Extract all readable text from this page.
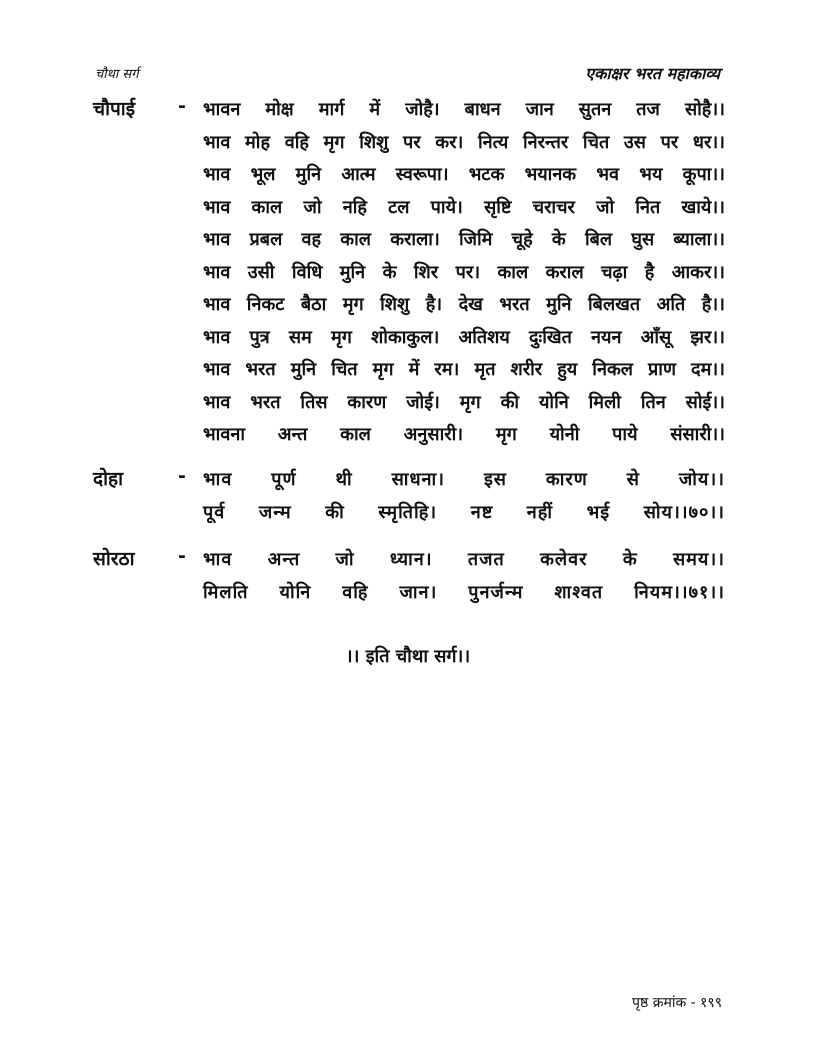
चौथा सर्ग	एकाक्षर भरत महाकाव्य
चौपाई - भावन मोक्ष मार्ग में जोहै। बाधन जान सुतन तज सोहै।।
भाव मोह वहि मृग शिशु पर कर। नित्य निरन्तर चित उस पर धर।।
भाव भूल मुनि आत्म स्वरूपा। भटक भयानक भव भय कूपा।।
भाव काल जो नहि टल पाये। सृष्टि चराचर जो नित खाये।।
भाव प्रबल वह काल कराला। जिमि चूहे के बिल घुस ब्याला।।
भाव उसी विधि मुनि के शिर पर। काल कराल चढ़ा है आकर।।
भाव निकट बैठा मृग शिशु है। देख भरत मुनि बिलखत अति है।।
भाव पुत्र सम मृग शोकाकुल। अतिशय दुःखित नयन आँसू झर।।
भाव भरत मुनि चित मृग में रम। मृत शरीर हुय निकल प्राण दम।।
भाव भरत तिस कारण जोई। मृग की योनि मिली तिन सोई।।
भावना अन्त काल अनुसारी। मृग योनी पाये संसारी।।
दोहा	- भाव पूर्ण थी साधना। इस कारण से जोय।।
पूर्व जन्म की स्मृतिहि। नष्ट नहीं भई सोय।।७०।।
सोरठा - भाव अन्त जो ध्यान। तजत कलेवर के समय।।
मिलति योनि वहि जान। पुनर्जन्म शाश्वत नियम।।७१।।
।। इति चौथा सर्ग।।
पृष्ठ क्रमांक - १९९
